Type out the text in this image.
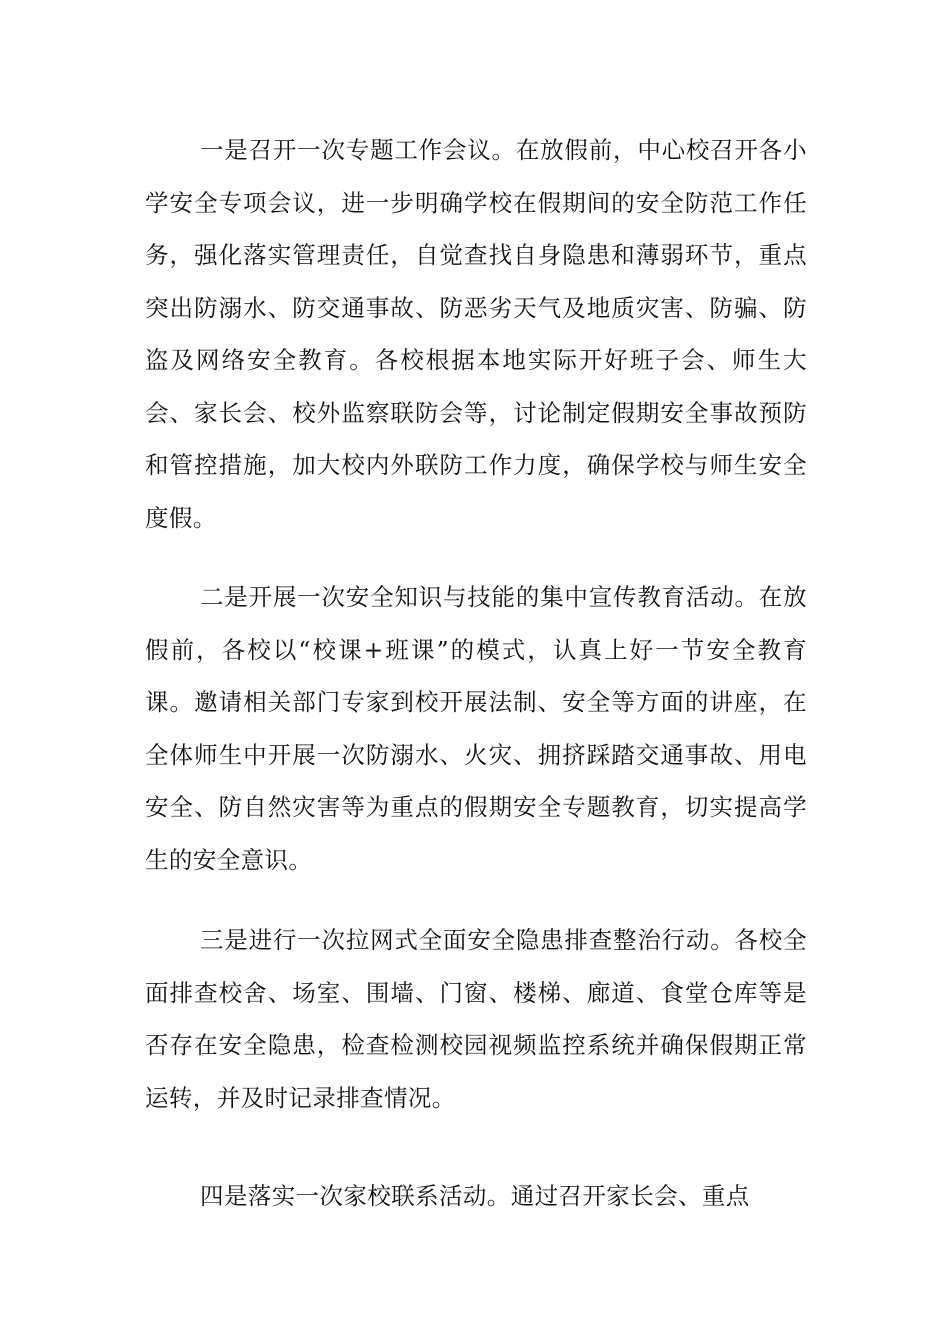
一是召开一次专题工作会议。在放假前，中心校召开各小学安全专项会议，进一步明确学校在假期间的安全防范工作任务，强化落实管理责任，自觉查找自身隐患和薄弱环节，重点突出防溺水、防交通事故、防恶劣天气及地质灾害、防骗、防盗及网络安全教育。各校根据本地实际开好班子会、师生大会、家长会、校外监察联防会等，讨论制定假期安全事故预防和管控措施，加大校内外联防工作力度，确保学校与师生安全度假。

二是开展一次安全知识与技能的集中宣传教育活动。在放假前，各校以“校课+班课”的模式，认真上好一节安全教育课。邀请相关部门专家到校开展法制、安全等方面的讲座，在全体师生中开展一次防溺水、火灾、拥挤踩踏交通事故、用电安全、防自然灾害等为重点的假期安全专题教育，切实提高学生的安全意识。

三是进行一次拉网式全面安全隐患排查整治行动。各校全面排查校舍、场室、围墙、门窗、楼梯、廊道、食堂仓库等是否存在安全隐患，检查检测校园视频监控系统并确保假期正常运转，并及时记录排查情况。

四是落实一次家校联系活动。通过召开家长会、重点
